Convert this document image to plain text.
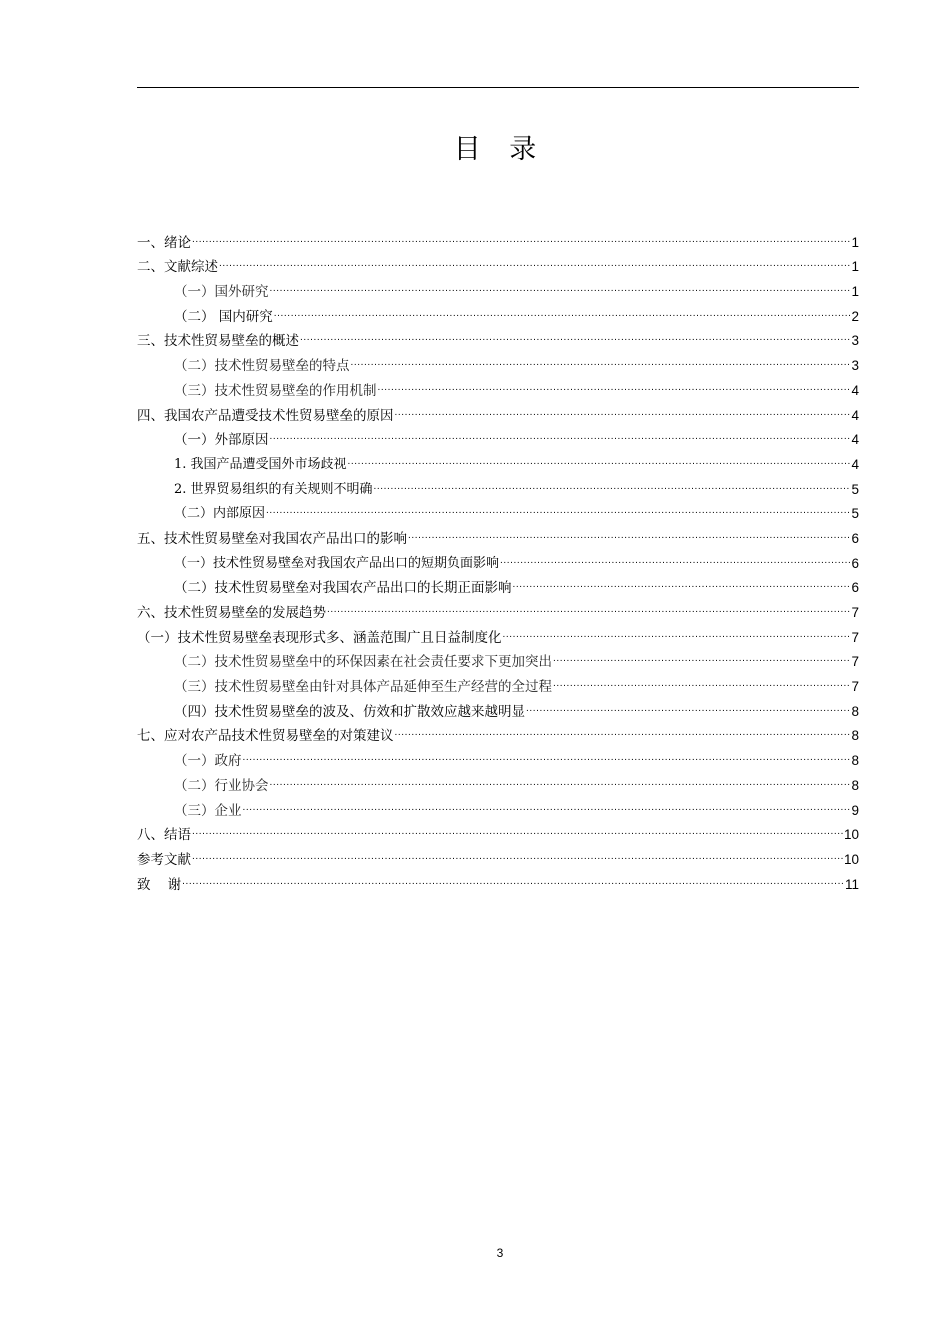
目 录
一、绪论 .....	1
二、文献综述 .....	1
（一）国外研究 .....	1
（二） 国内研究 .....	2
三、技术性贸易壁垒的概述 .....	3
（二）技术性贸易壁垒的特点 .....	3
（三）技术性贸易壁垒的作用机制 .....	4
四、我国农产品遭受技术性贸易壁垒的原因 .....	4
（一）外部原因 .....	4
1. 我国产品遭受国外市场歧视 .....	4
2. 世界贸易组织的有关规则不明确 .....	5
（二）内部原因 .....	5
五、技术性贸易壁垒对我国农产品出口的影响 .....	6
（一）技术性贸易壁垒对我国农产品出口的短期负面影响 .....	6
（二）技术性贸易壁垒对我国农产品出口的长期正面影响 .....	6
六、技术性贸易壁垒的发展趋势 .....	7
（一）技术性贸易壁垒表现形式多、涵盖范围广且日益制度化 .....	7
（二）技术性贸易壁垒中的环保因素在社会责任要求下更加突出 .....	7
（三）技术性贸易壁垒由针对具体产品延伸至生产经营的全过程 .....	7
（四）技术性贸易壁垒的波及、仿效和扩散效应越来越明显 .....	8
七、应对农产品技术性贸易壁垒的对策建议 .....	8
（一）政府 .....	8
（二）行业协会 .....	8
（三）企业 .....	9
八、结语 .....	10
参考文献 .....	10
致    谢 .....	11
3
